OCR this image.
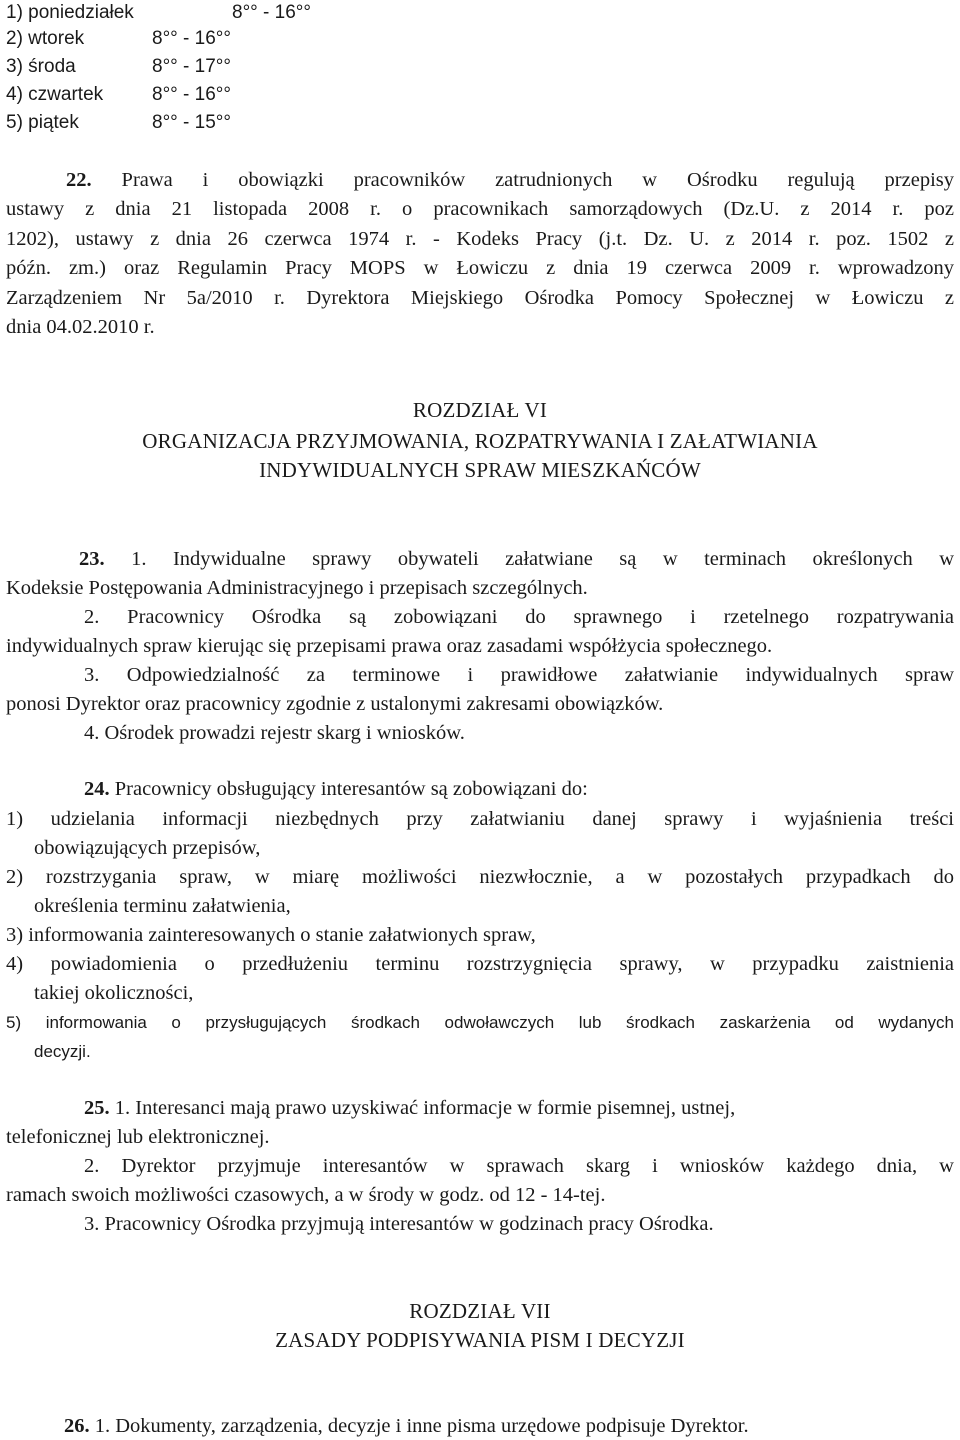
1) poniedziałek	8°° - 16°°
2) wtorek	8°° - 16°°
3) środa	8°° - 17°°
4) czwartek	8°° - 16°°
5) piątek	8°° - 15°°
22. Prawa i obowiązki pracowników zatrudnionych w Ośrodku regulują przepisy
ustawy z dnia 21 listopada 2008 r. o pracownikach samorządowych (Dz.U. z 2014 r. poz
1202), ustawy z dnia 26 czerwca 1974 r. - Kodeks Pracy (j.t. Dz. U. z 2014 r. poz. 1502 z
późn. zm.) oraz Regulamin Pracy MOPS w Łowiczu z dnia 19 czerwca 2009 r. wprowadzony
Zarządzeniem Nr 5a/2010 r. Dyrektora Miejskiego Ośrodka Pomocy Społecznej w Łowiczu z
dnia 04.02.2010 r.
ROZDZIAŁ VI
ORGANIZACJA PRZYJMOWANIA, ROZPATRYWANIA I ZAŁATWIANIA
INDYWIDUALNYCH SPRAW MIESZKAŃCÓW
23. 1. Indywidualne sprawy obywateli załatwiane są w terminach określonych w
Kodeksie Postępowania Administracyjnego i przepisach szczególnych.
2. Pracownicy Ośrodka są zobowiązani do sprawnego i rzetelnego rozpatrywania
indywidualnych spraw kierując się przepisami prawa oraz zasadami współżycia społecznego.
3. Odpowiedzialność za terminowe i prawidłowe załatwianie indywidualnych spraw
ponosi Dyrektor oraz pracownicy zgodnie z ustalonymi zakresami obowiązków.
4. Ośrodek prowadzi rejestr skarg i wniosków.
24. Pracownicy obsługujący interesantów są zobowiązani do:
1) udzielania informacji niezbędnych przy załatwianiu danej sprawy i wyjaśnienia treści
obowiązujących przepisów,
2) rozstrzygania spraw, w miarę możliwości niezwłocznie, a w pozostałych przypadkach do
określenia terminu załatwienia,
3) informowania zainteresowanych o stanie załatwionych spraw,
4) powiadomienia o przedłużeniu terminu rozstrzygnięcia sprawy, w przypadku zaistnienia
takiej okoliczności,
5) informowania o przysługujących środkach odwoławczych lub środkach zaskarżenia od wydanych
decyzji.
25. 1. Interesanci mają prawo uzyskiwać informacje w formie pisemnej, ustnej,
telefonicznej lub elektronicznej.
2. Dyrektor przyjmuje interesantów w sprawach skarg i wniosków każdego dnia, w
ramach swoich możliwości czasowych, a w środy w godz. od 12 - 14-tej.
3. Pracownicy Ośrodka przyjmują interesantów w godzinach pracy Ośrodka.
ROZDZIAŁ VII
ZASADY PODPISYWANIA PISM I DECYZJI
26. 1. Dokumenty, zarządzenia, decyzje i inne pisma urzędowe podpisuje Dyrektor.
